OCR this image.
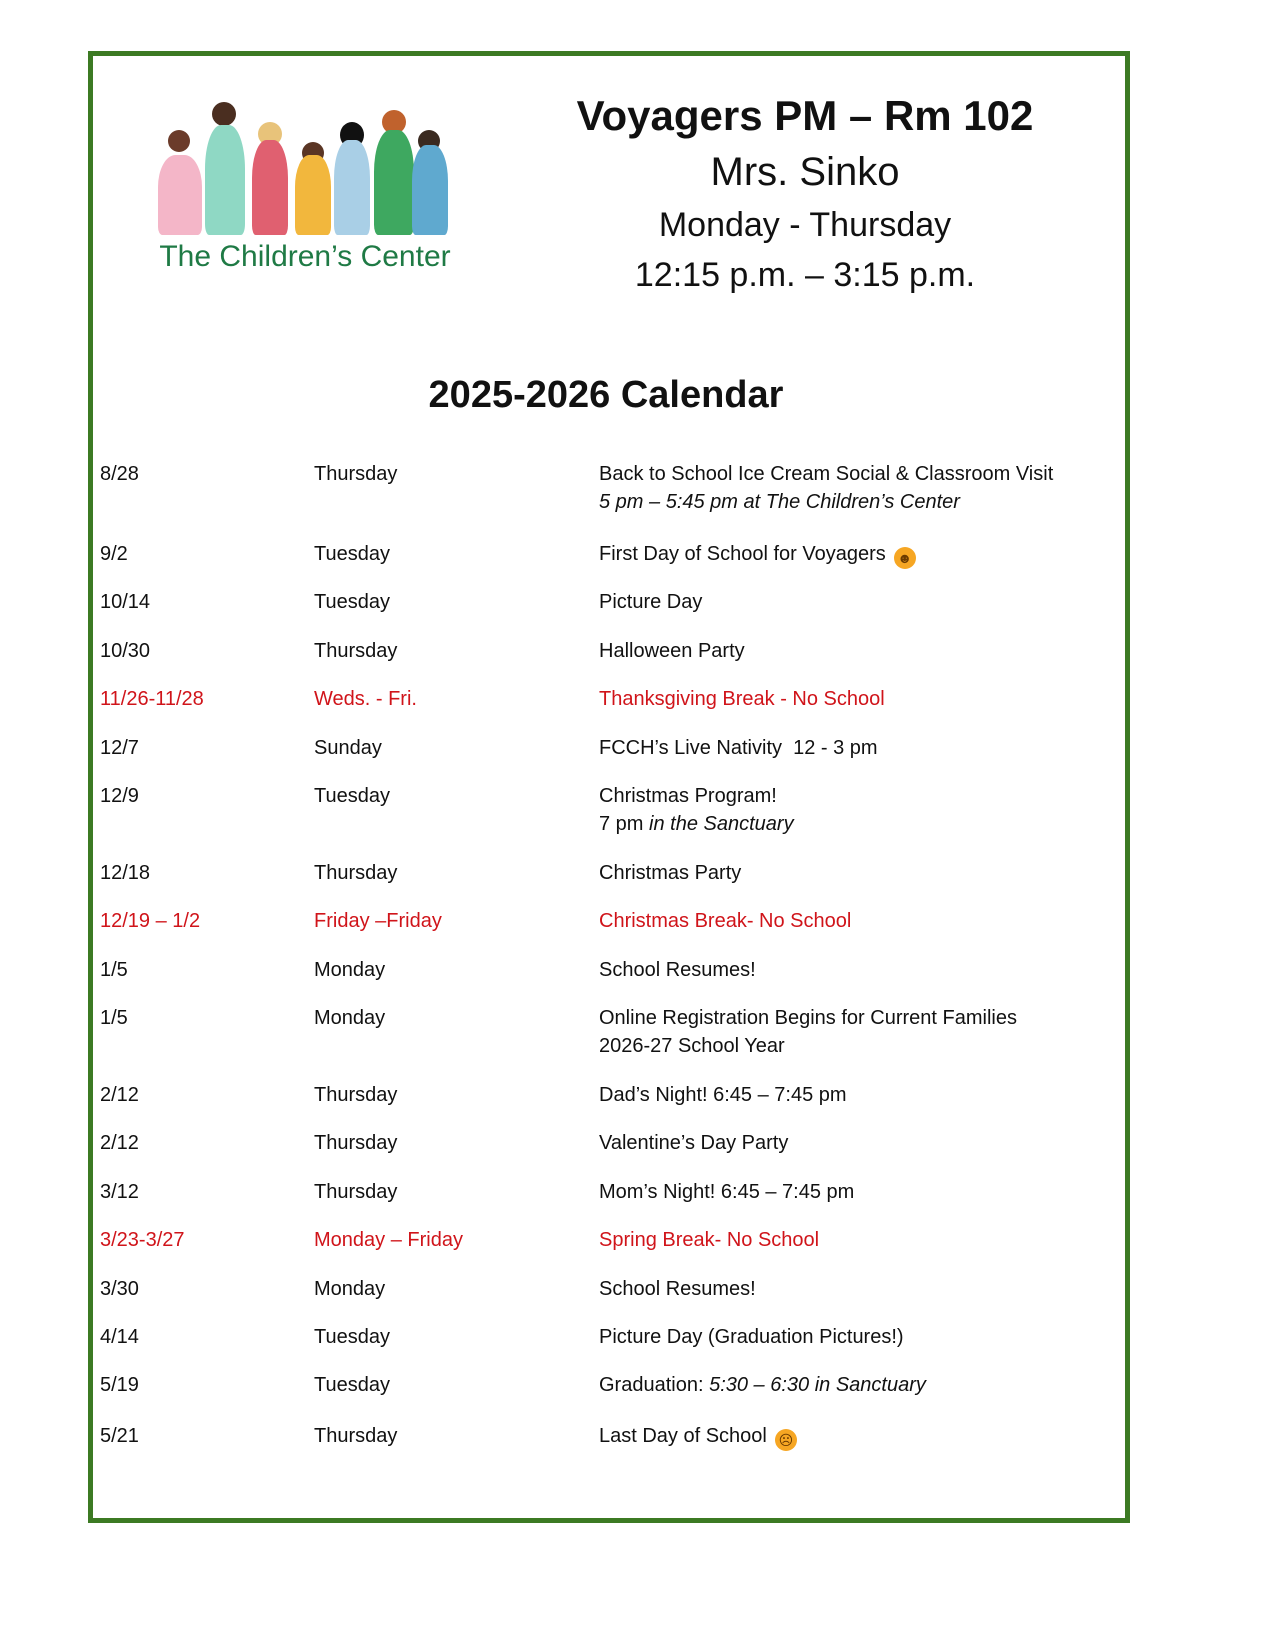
The Children’s Center
Voyagers PM – Rm 102
Mrs. Sinko
Monday - Thursday
12:15 p.m. – 3:15 p.m.
2025-2026 Calendar
8/28	Thursday	Back to School Ice Cream Social & Classroom Visit
5 pm – 5:45 pm at The Children’s Center
9/2	Tuesday	First Day of School for Voyagers ☻
10/14	Tuesday	Picture Day
10/30	Thursday	Halloween Party
11/26-11/28	Weds. - Fri.	Thanksgiving Break - No School
12/7	Sunday	FCCH’s Live Nativity  12 - 3 pm
12/9	Tuesday	Christmas Program!
7 pm in the Sanctuary
12/18	Thursday	Christmas Party
12/19 – 1/2	Friday –Friday	Christmas Break- No School
1/5	Monday	School Resumes!
1/5	Monday	Online Registration Begins for Current Families
2026-27 School Year
2/12	Thursday	Dad’s Night! 6:45 – 7:45 pm
2/12	Thursday	Valentine’s Day Party
3/12	Thursday	Mom’s Night! 6:45 – 7:45 pm
3/23-3/27	Monday – Friday	Spring Break- No School
3/30	Monday	School Resumes!
4/14	Tuesday	Picture Day (Graduation Pictures!)
5/19	Tuesday	Graduation: 5:30 – 6:30 in Sanctuary
5/21	Thursday	Last Day of School ☹
